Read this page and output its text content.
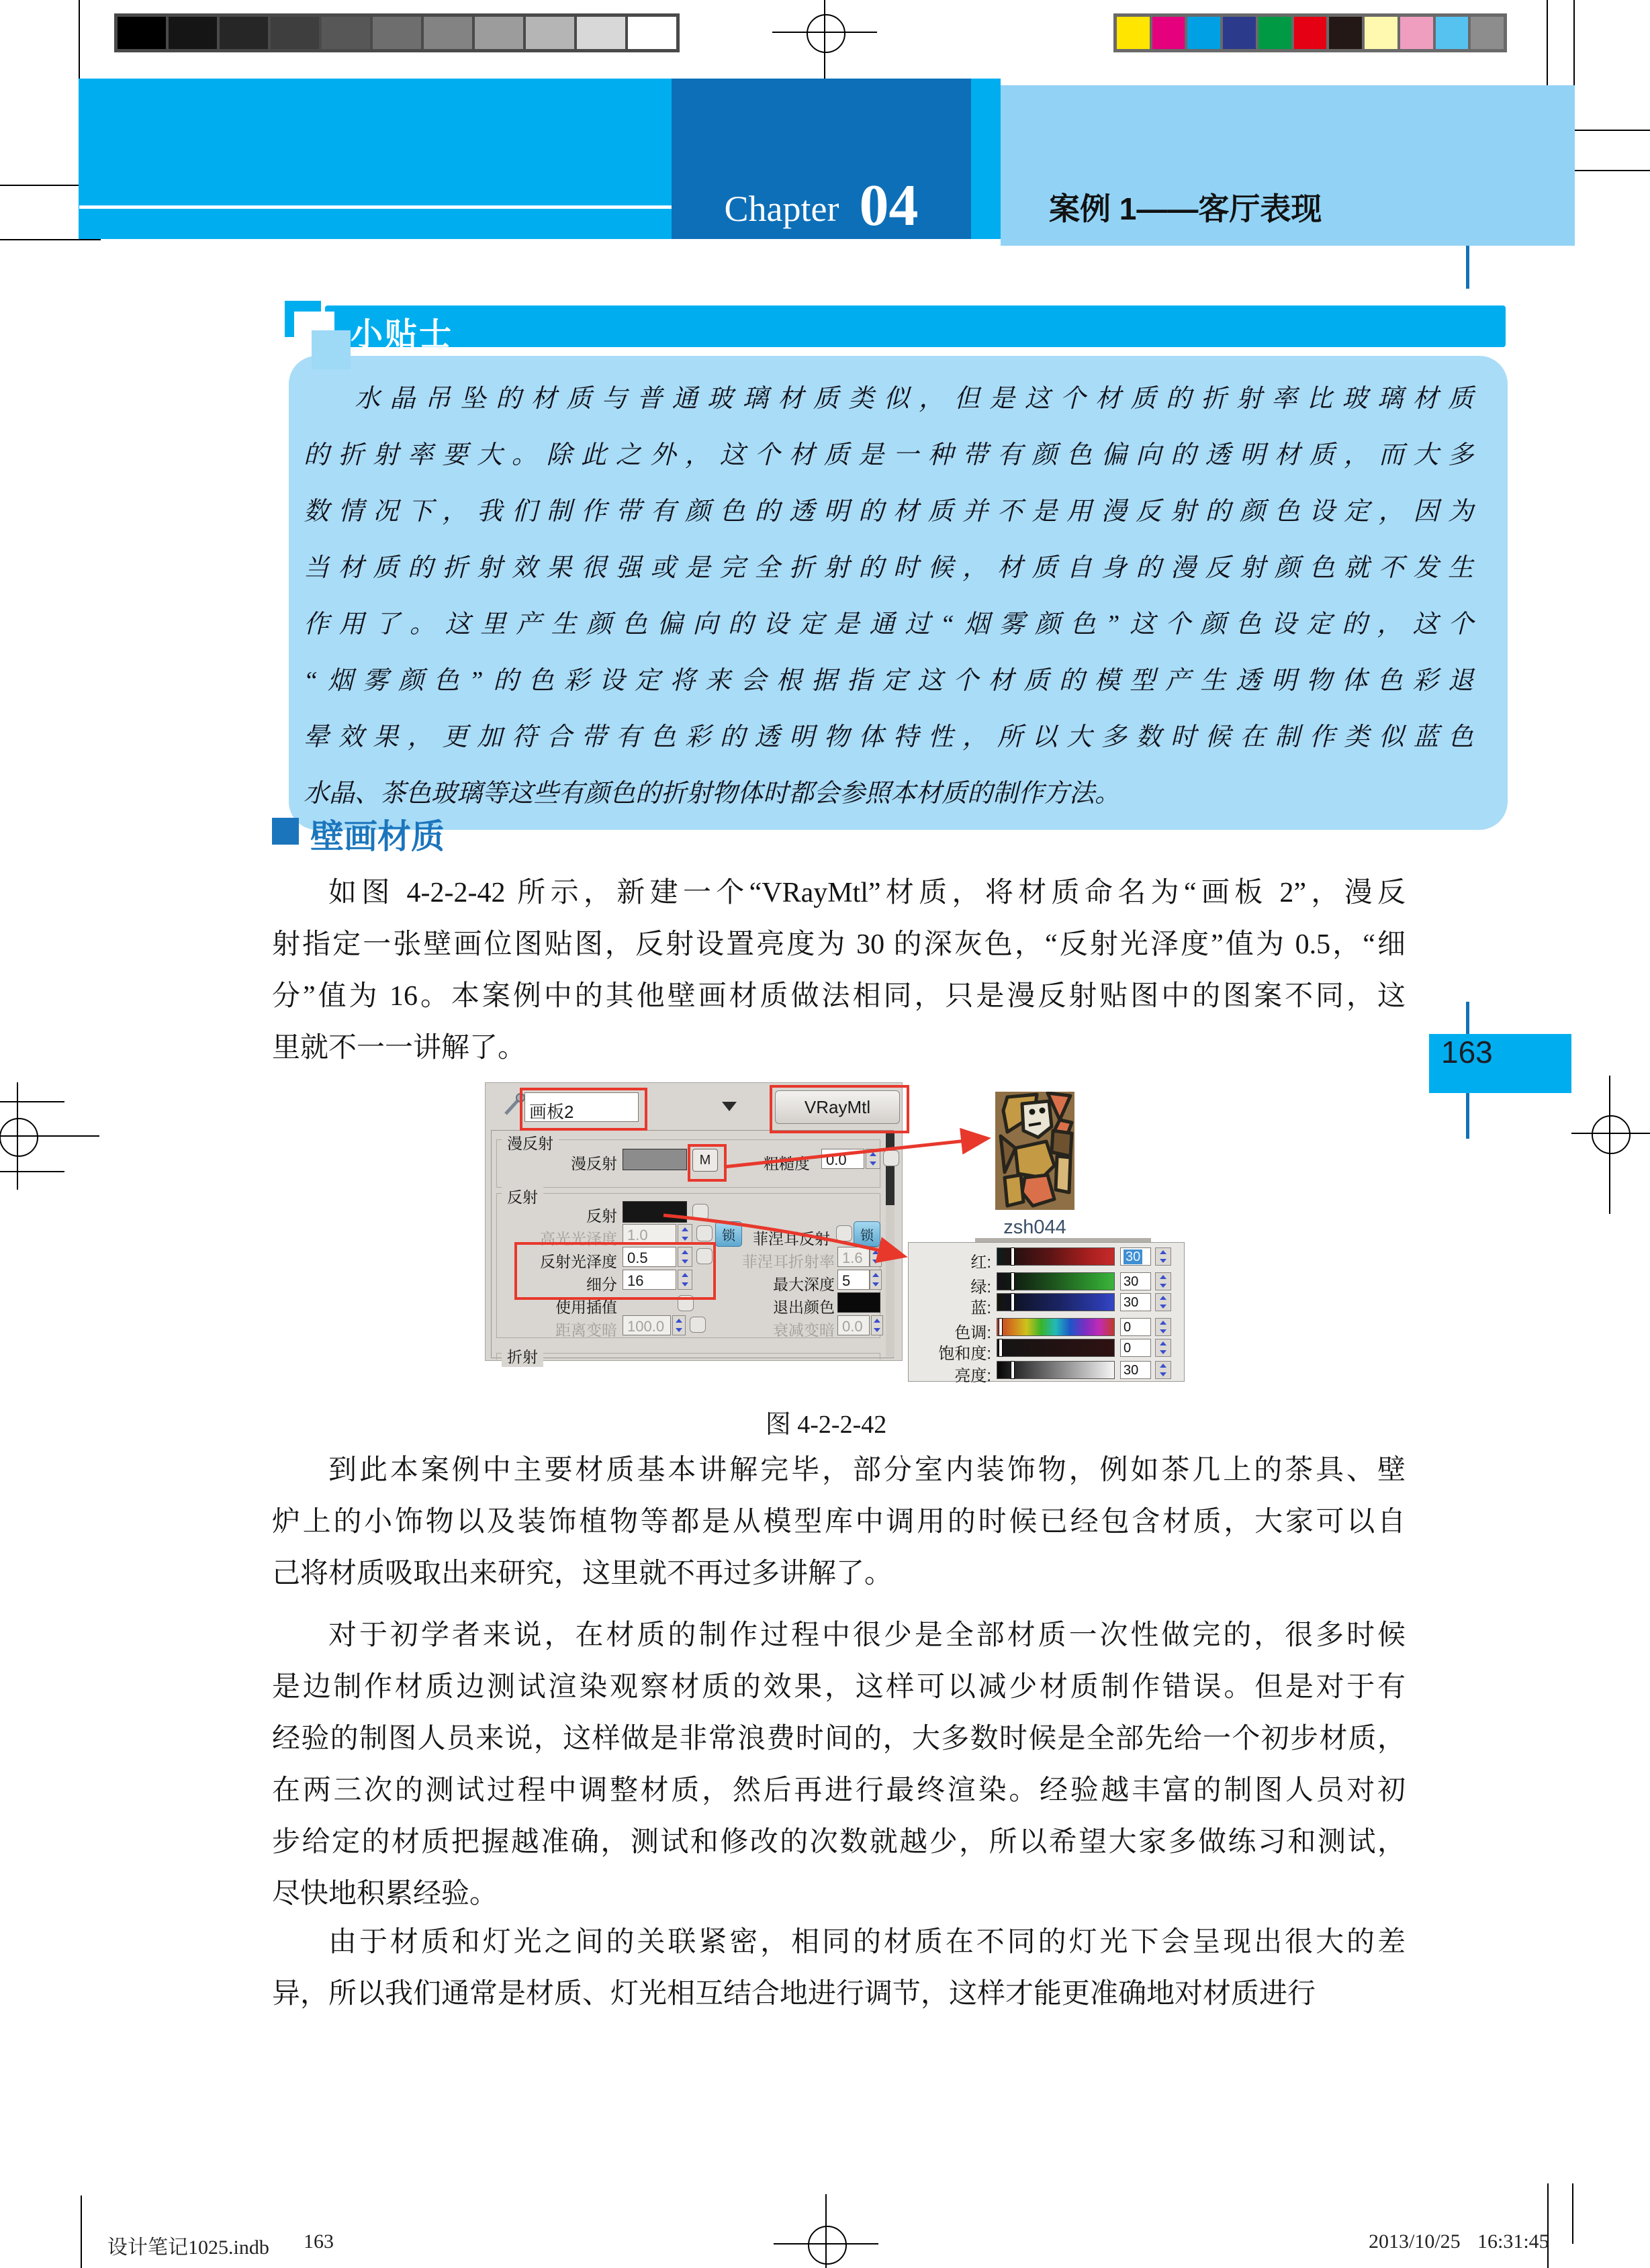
Chapter 04	案例 1——客厅表现
小贴士
水晶吊坠的材质与普通玻璃材质类似，但是这个材质的折射率比玻璃材质
的折射率要大。除此之外，这个材质是一种带有颜色偏向的透明材质，而大多
数情况下，我们制作带有颜色的透明的材质并不是用漫反射的颜色设定，因为
当材质的折射效果很强或是完全折射的时候，材质自身的漫反射颜色就不发生
作用了。这里产生颜色偏向的设定是通过“烟雾颜色”这个颜色设定的，这个
“烟雾颜色”的色彩设定将来会根据指定这个材质的模型产生透明物体色彩退
晕效果，更加符合带有色彩的透明物体特性，所以大多数时候在制作类似蓝色
水晶、茶色玻璃等这些有颜色的折射物体时都会参照本材质的制作方法。
壁画材质
如图 4-2-2-42 所示，新建一个“VRayMtl”材质，将材质命名为“画板 2”，漫反
射指定一张壁画位图贴图，反射设置亮度为 30 的深灰色，“反射光泽度”值为 0.5，“细
分”值为 16。本案例中的其他壁画材质做法相同，只是漫反射贴图中的图案不同，这
里就不一一讲解了。
画板2	VRayMtl
漫反射
漫反射	M	粗糙度	0.0
反射
反射
高光光泽度 1.0	锁	菲涅耳反射	锁
反射光泽度 0.5	菲涅耳折射率 1.6
细分 16	最大深度 5
使用插值	退出颜色
距离变暗 100.0	衰减变暗 0.0
折射
zsh044
红:	30
绿:	30
蓝:	30
色调:	0
饱和度:	0
亮度:	30
图 4-2-2-42
到此本案例中主要材质基本讲解完毕，部分室内装饰物，例如茶几上的茶具、壁
炉上的小饰物以及装饰植物等都是从模型库中调用的时候已经包含材质，大家可以自
己将材质吸取出来研究，这里就不再过多讲解了。
对于初学者来说，在材质的制作过程中很少是全部材质一次性做完的，很多时候
是边制作材质边测试渲染观察材质的效果，这样可以减少材质制作错误。但是对于有
经验的制图人员来说，这样做是非常浪费时间的，大多数时候是全部先给一个初步材质，
在两三次的测试过程中调整材质，然后再进行最终渲染。经验越丰富的制图人员对初
步给定的材质把握越准确，测试和修改的次数就越少，所以希望大家多做练习和测试，
尽快地积累经验。
由于材质和灯光之间的关联紧密，相同的材质在不同的灯光下会呈现出很大的差
异，所以我们通常是材质、灯光相互结合地进行调节，这样才能更准确地对材质进行
163
设计笔记1025.indb 163	2013/10/25 16:31:45
